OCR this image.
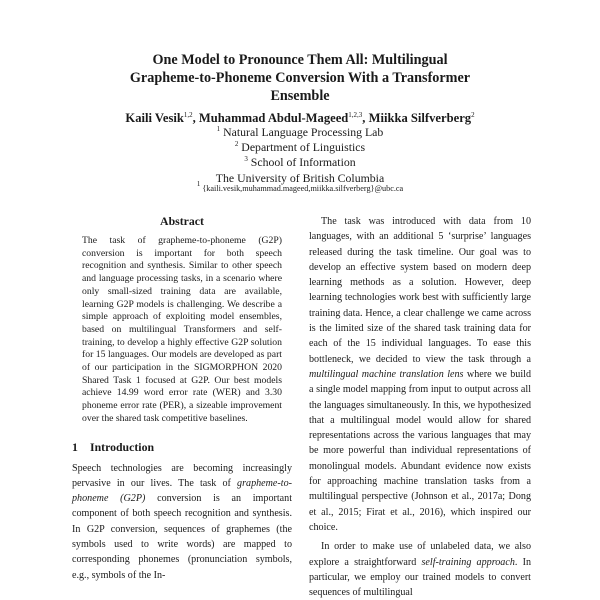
One Model to Pronounce Them All: Multilingual
Grapheme-to-Phoneme Conversion With a Transformer
Ensemble
Kaili Vesik$^{1,2}$, Muhammad Abdul-Mageed$^{1,2,3}$, Miikka Silfverberg$^2$
$^1$ Natural Language Processing Lab
$^2$ Department of Linguistics
$^3$ School of Information
The University of British Columbia
$^1$ {kaili.vesik,muhammad.mageed,miikka.silfverberg}@ubc.ca
Abstract

The task of grapheme-to-phoneme (G2P) conversion is important for both speech recognition and synthesis. Similar to other speech and language processing tasks, in a scenario where only small-sized training data are available, learning G2P models is challenging. We describe a simple approach of exploiting model ensembles, based on multilingual Transformers and self-training, to develop a highly effective G2P solution for 15 languages. Our models are developed as part of our participation in the SIGMORPHON 2020 Shared Task 1 focused at G2P. Our best models achieve 14.99 word error rate (WER) and 3.30 phoneme error rate (PER), a sizeable improvement over the shared task competitive baselines.

1 Introduction

Speech technologies are becoming increasingly pervasive in our lives. The task of grapheme-to-phoneme (G2P) conversion is an important component of both speech recognition and synthesis. In G2P conversion, sequences of graphemes (the symbols used to write words) are mapped to corresponding phonemes (pronunciation symbols, e.g., symbols of the In-

The task was introduced with data from 10 languages, with an additional 5 ‘surprise’ languages released during the task timeline. Our goal was to develop an effective system based on modern deep learning methods as a solution. However, deep learning technologies work best with sufficiently large training data. Hence, a clear challenge we came across is the limited size of the shared task training data for each of the 15 individual languages. To ease this bottleneck, we decided to view the task through a multilingual machine translation lens where we build a single model mapping from input to output across all the languages simultaneously. In this, we hypothesized that a multilingual model would allow for shared representations across the various languages that may be more powerful than individual representations of monolingual models. Abundant evidence now exists for approaching machine translation tasks from a multilingual perspective (Johnson et al., 2017a; Dong et al., 2015; Firat et al., 2016), which inspired our choice.

In order to make use of unlabeled data, we also explore a straightforward self-training approach. In particular, we employ our trained models to convert sequences of multilingual
